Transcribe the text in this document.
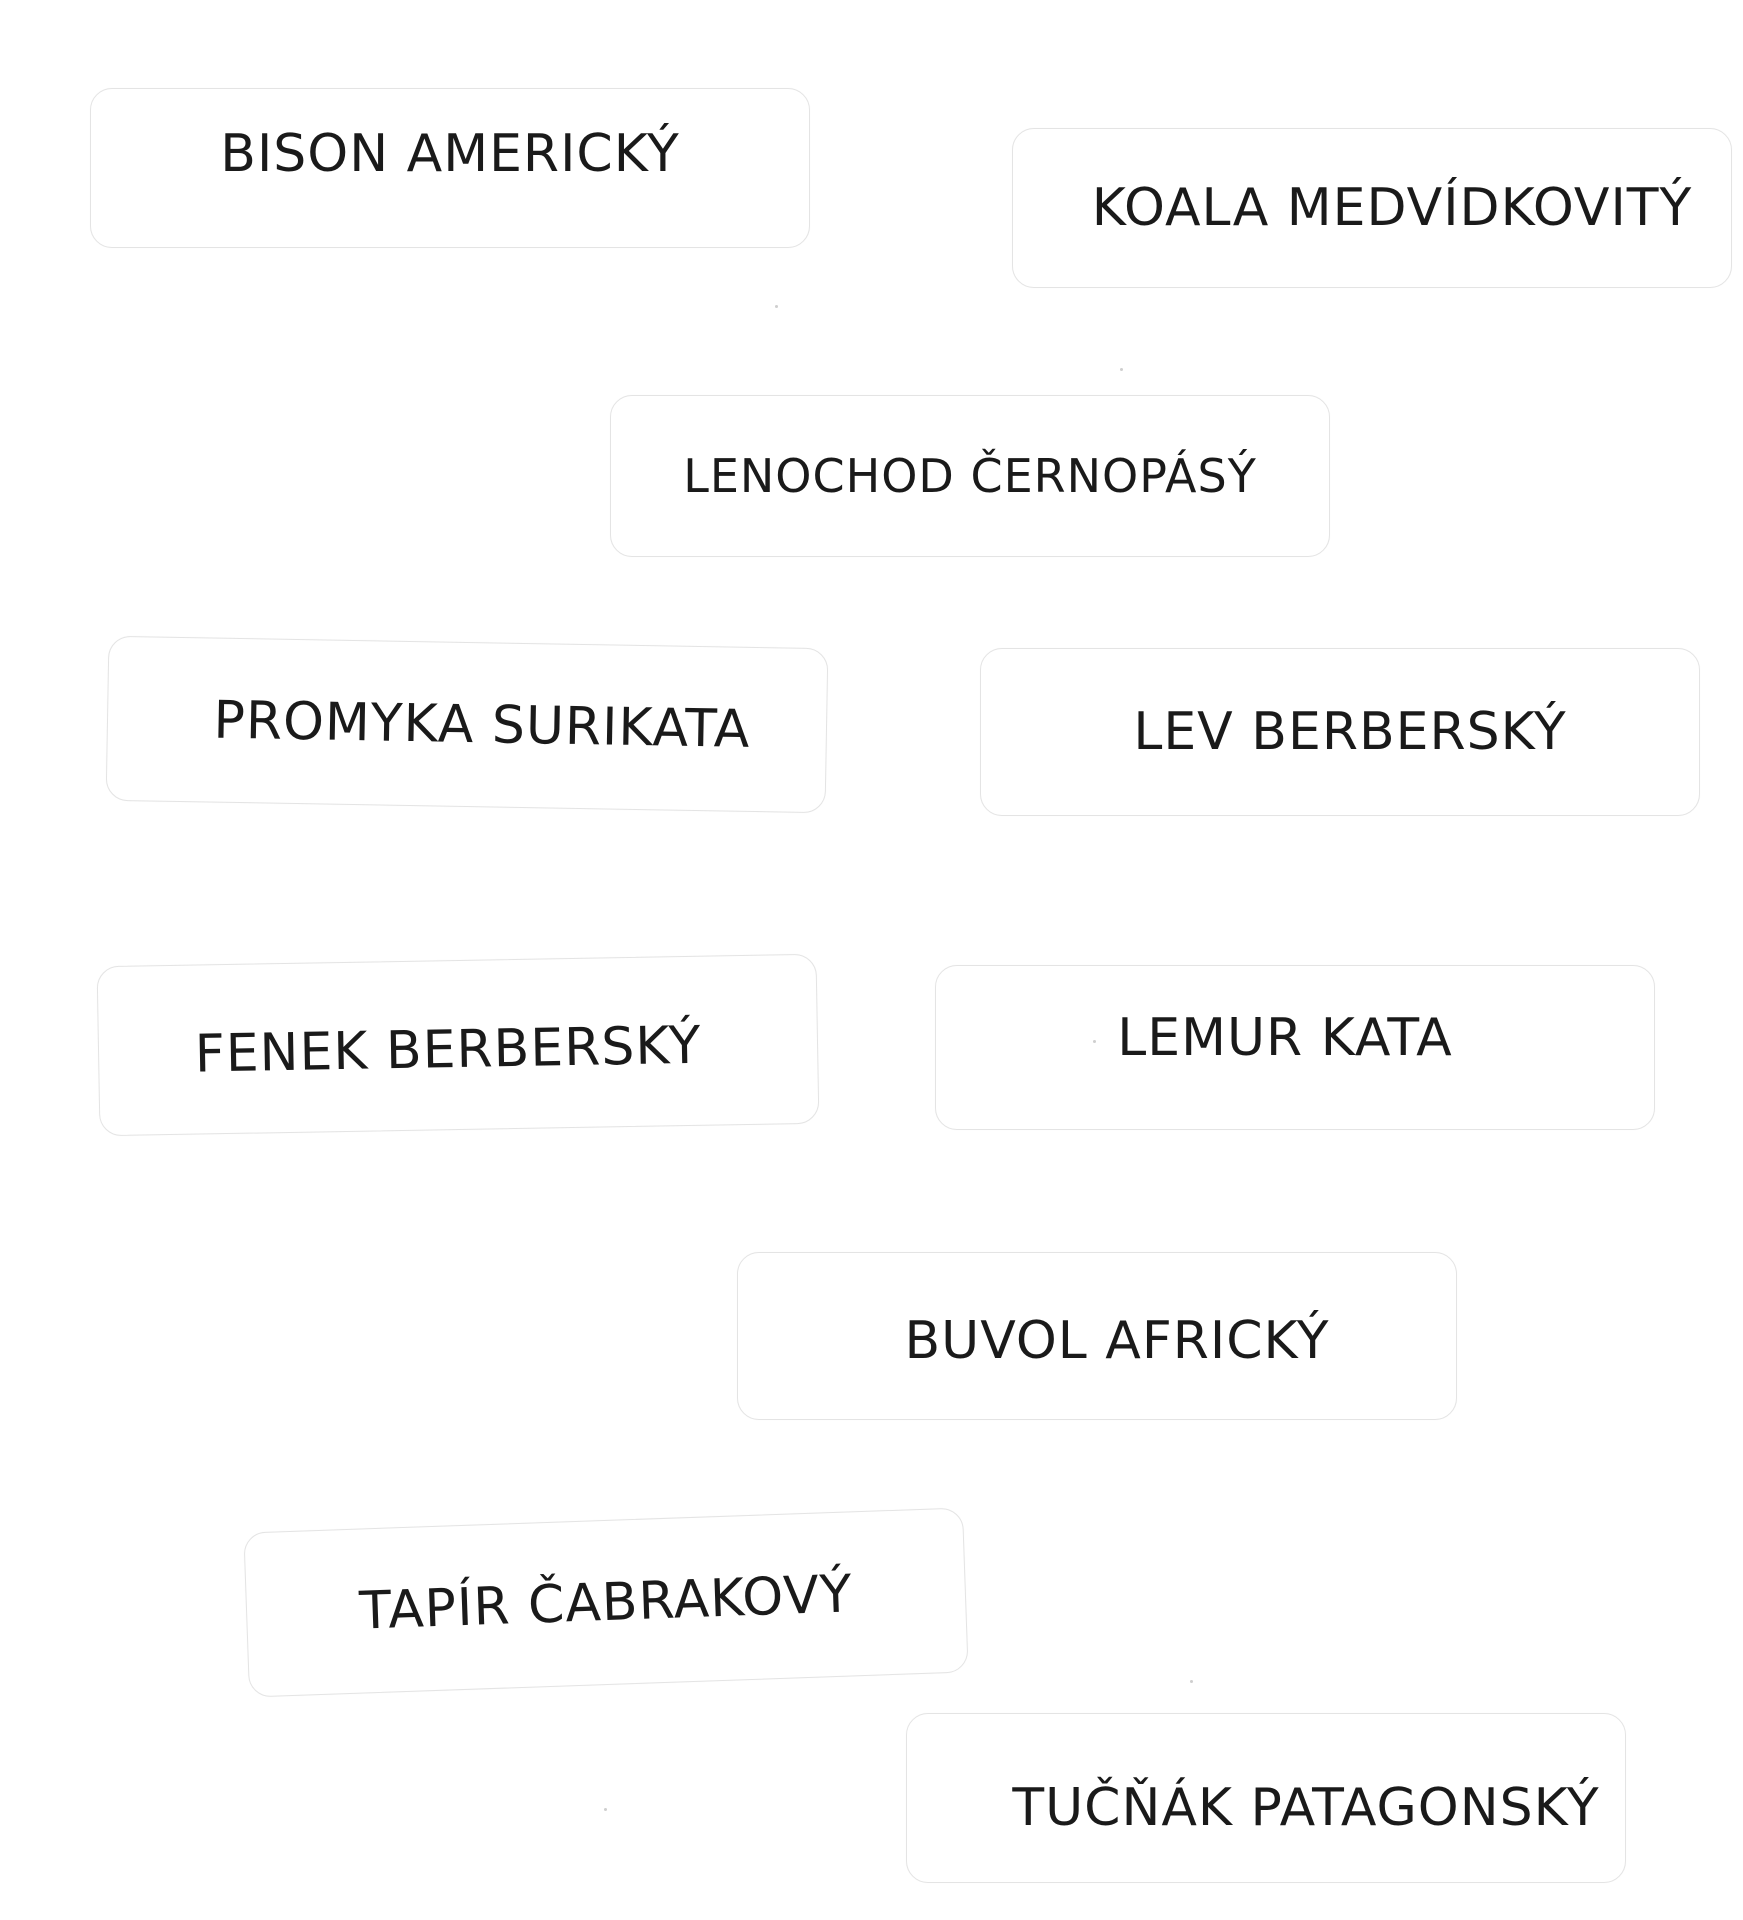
BISON AMERICKÝ
KOALA MEDVÍDKOVITÝ
LENOCHOD ČERNOPÁSÝ
PROMYKA SURIKATA	LEV BERBERSKÝ
FENEK BERBERSKÝ	LEMUR KATA
BUVOL AFRICKÝ
TAPÍR ČABRAKOVÝ
TUČŇÁK PATAGONSKÝ
